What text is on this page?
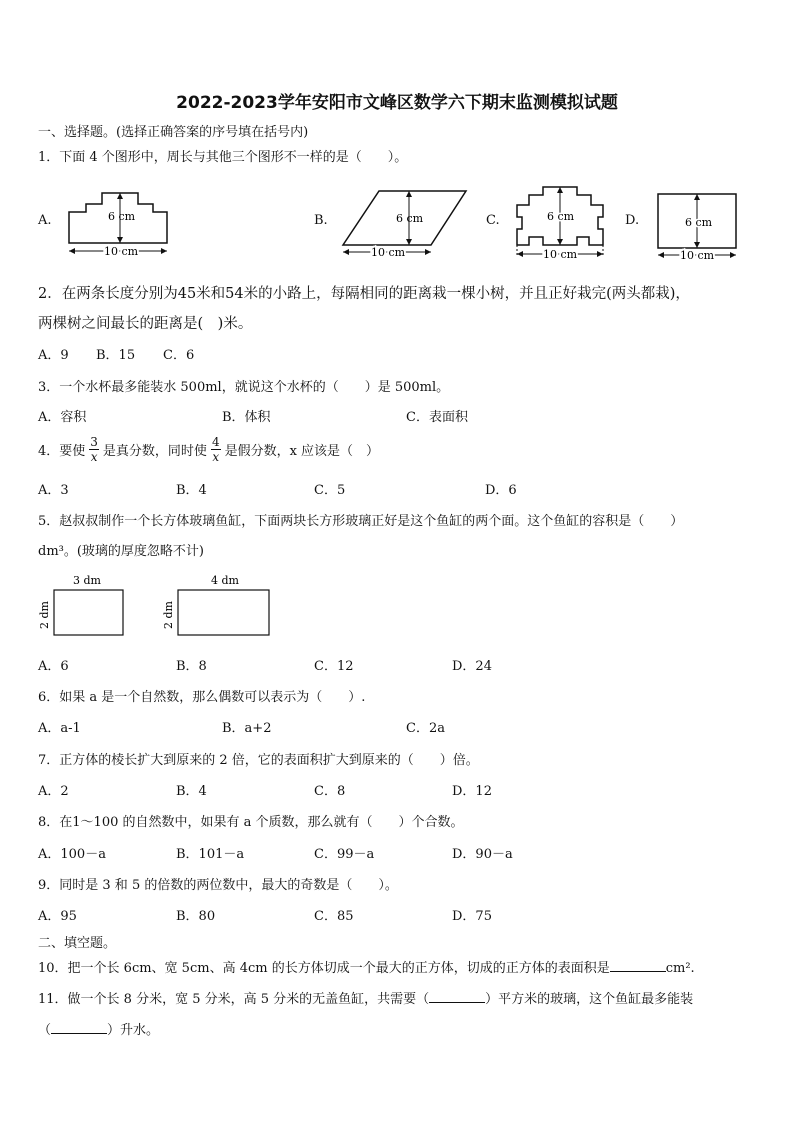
2022-2023学年安阳市文峰区数学六下期末监测模拟试题
一、选择题。(选择正确答案的序号填在括号内)
1．下面 4 个图形中，周长与其他三个图形不一样的是（　　）。
A.	6 cm
10 cm
B.	6 cm
10 cm
C.	6 cm
10 cm
D.	6 cm
10 cm
2．在两条长度分别为45米和54米的小路上，每隔相同的距离栽一棵小树，并且正好栽完(两头都栽)，
两棵树之间最长的距离是(　)米。
A．9 B．15 C．6
3．一个水杯最多能装水 500ml，就说这个水杯的（　　）是 500ml。
A．容积	B．体积	C．表面积
4．要使 $\frac{3}{x}$ 是真分数，同时使 $\frac{4}{x}$ 是假分数，x 应该是（　）
A．3	B．4	C．5	D．6
5．赵叔叔制作一个长方体玻璃鱼缸，下面两块长方形玻璃正好是这个鱼缸的两个面。这个鱼缸的容积是（　　）
dm³。(玻璃的厚度忽略不计)
3 dm
2 dm
4 dm
2 dm
A．6	B．8	C．12	D．24
6．如果 a 是一个自然数，那么偶数可以表示为（　　）.
A．a-1	B．a+2	C．2a
7．正方体的棱长扩大到原来的 2 倍，它的表面积扩大到原来的（　　）倍。
A．2	B．4	C．8	D．12
8．在1～100 的自然数中，如果有 a 个质数，那么就有（　　）个合数。
A．100－a	B．101－a	C．99－a	D．90－a
9．同时是 3 和 5 的倍数的两位数中，最大的奇数是（　　）。
A．95	B．80	C．85	D．75
二、填空题。
10．把一个长 6cm、宽 5cm、高 4cm 的长方体切成一个最大的正方体，切成的正方体的表面积是	cm².
11．做一个长 8 分米，宽 5 分米，高 5 分米的无盖鱼缸，共需要（	）平方米的玻璃，这个鱼缸最多能装
（	）升水。
